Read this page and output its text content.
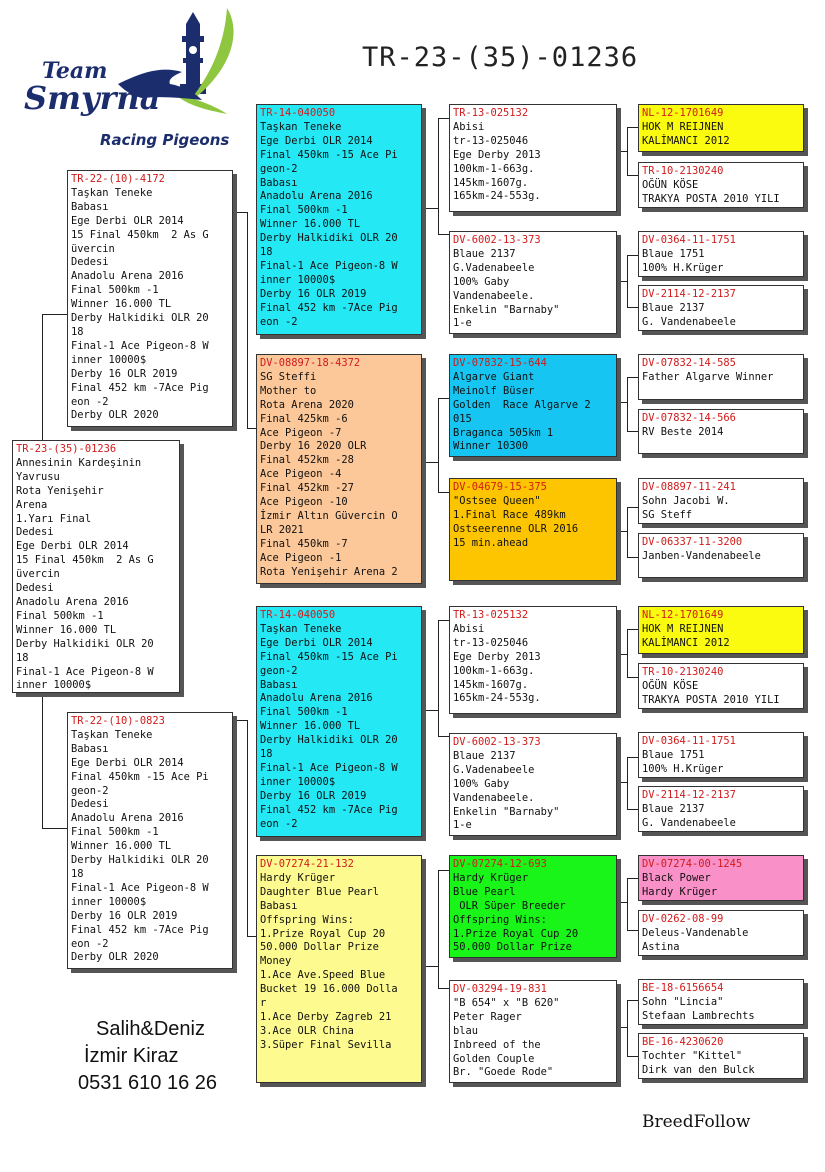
Team
Smyrna
Racing Pigeons
TR-23-(35)-01236
TR-23-(35)-01236
Annesinin Kardeşinin
Yavrusu
Rota Yenişehir
Arena
1.Yarı Final
Dedesi
Ege Derbi OLR 2014
15 Final 450km  2 As G
üvercin
Dedesi
Anadolu Arena 2016
Final 500km -1
Winner 16.000 TL
Derby Halkidiki OLR 20
18
Final-1 Ace Pigeon-8 W
inner 10000$
TR-22-(10)-4172
Taşkan Teneke
Babası
Ege Derbi OLR 2014
15 Final 450km  2 As G
üvercin
Dedesi
Anadolu Arena 2016
Final 500km -1
Winner 16.000 TL
Derby Halkidiki OLR 20
18
Final-1 Ace Pigeon-8 W
inner 10000$
Derby 16 OLR 2019
Final 452 km -7Ace Pig
eon -2
Derby OLR 2020
TR-22-(10)-0823
Taşkan Teneke
Babası
Ege Derbi OLR 2014
Final 450km -15 Ace Pi
geon-2
Dedesi
Anadolu Arena 2016
Final 500km -1
Winner 16.000 TL
Derby Halkidiki OLR 20
18
Final-1 Ace Pigeon-8 W
inner 10000$
Derby 16 OLR 2019
Final 452 km -7Ace Pig
eon -2
Derby OLR 2020
TR-14-040050
Taşkan Teneke
Ege Derbi OLR 2014
Final 450km -15 Ace Pi
geon-2
Babası
Anadolu Arena 2016
Final 500km -1
Winner 16.000 TL
Derby Halkidiki OLR 20
18
Final-1 Ace Pigeon-8 W
inner 10000$
Derby 16 OLR 2019
Final 452 km -7Ace Pig
eon -2
DV-08897-18-4372
SG Steffi
Mother to
Rota Arena 2020
Final 425km -6
Ace Pigeon -7
Derby 16 2020 OLR
Final 452km -28
Ace Pigeon -4
Final 452km -27
Ace Pigeon -10
İzmir Altın Güvercin O
LR 2021
Final 450km -7
Ace Pigeon -1
Rota Yenişehir Arena 2
TR-14-040050
Taşkan Teneke
Ege Derbi OLR 2014
Final 450km -15 Ace Pi
geon-2
Babası
Anadolu Arena 2016
Final 500km -1
Winner 16.000 TL
Derby Halkidiki OLR 20
18
Final-1 Ace Pigeon-8 W
inner 10000$
Derby 16 OLR 2019
Final 452 km -7Ace Pig
eon -2
DV-07274-21-132
Hardy Krüger
Daughter Blue Pearl
Babası
Offspring Wins:
1.Prize Royal Cup 20
50.000 Dollar Prize
Money
1.Ace Ave.Speed Blue
Bucket 19 16.000 Dolla
r
1.Ace Derby Zagreb 21
3.Ace OLR China
3.Süper Final Sevilla
TR-13-025132
Abisi
tr-13-025046
Ege Derby 2013
100km-1-663g.
145km-1607g.
165km-24-553g.
DV-6002-13-373
Blaue 2137
G.Vadenabeele
100% Gaby
Vandenabeele.
Enkelin "Barnaby"
1-e
DV-07832-15-644
Algarve Giant
Meinolf Büser
Golden  Race Algarve 2
015
Braganca 505km 1
Winner 10300
DV-04679-15-375
"Ostsee Queen"
1.Final Race 489km
Ostseerenne OLR 2016
15 min.ahead
TR-13-025132
Abisi
tr-13-025046
Ege Derby 2013
100km-1-663g.
145km-1607g.
165km-24-553g.
DV-6002-13-373
Blaue 2137
G.Vadenabeele
100% Gaby
Vandenabeele.
Enkelin "Barnaby"
1-e
DV-07274-12-693
Hardy Krüger
Blue Pearl
OLR Süper Breeder
Offspring Wins:
1.Prize Royal Cup 20
50.000 Dollar Prize
DV-03294-19-831
"B 654" x "B 620"
Peter Rager
blau
Inbreed of the
Golden Couple
Br. "Goede Rode"
NL-12-1701649
HOK M REIJNEN
KALİMANCI 2012
TR-10-2130240
OĞÜN KÖSE
TRAKYA POSTA 2010 YILI
DV-0364-11-1751
Blaue 1751
100% H.Krüger
DV-2114-12-2137
Blaue 2137
G. Vandenabeele
DV-07832-14-585
Father Algarve Winner
DV-07832-14-566
RV Beste 2014
DV-08897-11-241
Sohn Jacobi W.
SG Steff
DV-06337-11-3200
Janben-Vandenabeele
NL-12-1701649
HOK M REIJNEN
KALİMANCI 2012
TR-10-2130240
OĞÜN KÖSE
TRAKYA POSTA 2010 YILI
DV-0364-11-1751
Blaue 1751
100% H.Krüger
DV-2114-12-2137
Blaue 2137
G. Vandenabeele
DV-07274-00-1245
Black Power
Hardy Krüger
DV-0262-08-99
Deleus-Vandenable
Astina
BE-18-6156654
Sohn "Lincia"
Stefaan Lambrechts
BE-16-4230620
Tochter "Kittel"
Dirk van den Bulck
Salih&Deniz
İzmir Kiraz
0531 610 16 26
BreedFollow
